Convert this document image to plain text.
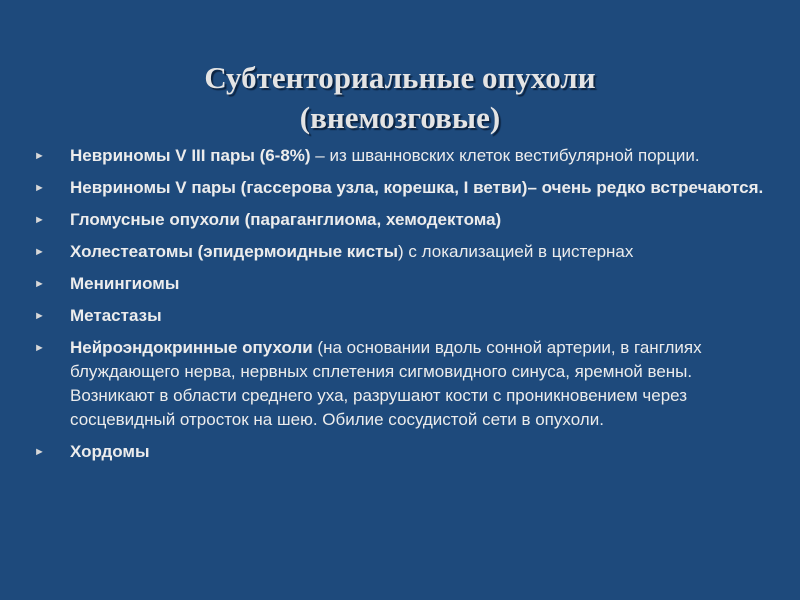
Субтенториальные опухоли
(внемозговые)
► Невриномы V III пары (6-8%) – из шванновских клеток вестибулярной порции.
► Невриномы V пары (гассерова узла, корешка, I ветви)– очень редко встречаются.
► Гломусные опухоли (параганглиома, хемодектома)
► Холестеатомы (эпидермоидные кисты) с локализацией в цистернах
► Менингиомы
► Метастазы
► Нейроэндокринные опухоли (на основании вдоль сонной артерии, в ганглиях блуждающего нерва, нервных сплетения сигмовидного синуса, яремной вены. Возникают в области среднего уха, разрушают кости с проникновением через сосцевидный отросток на шею. Обилие сосудистой сети в опухоли.
► Хордомы
